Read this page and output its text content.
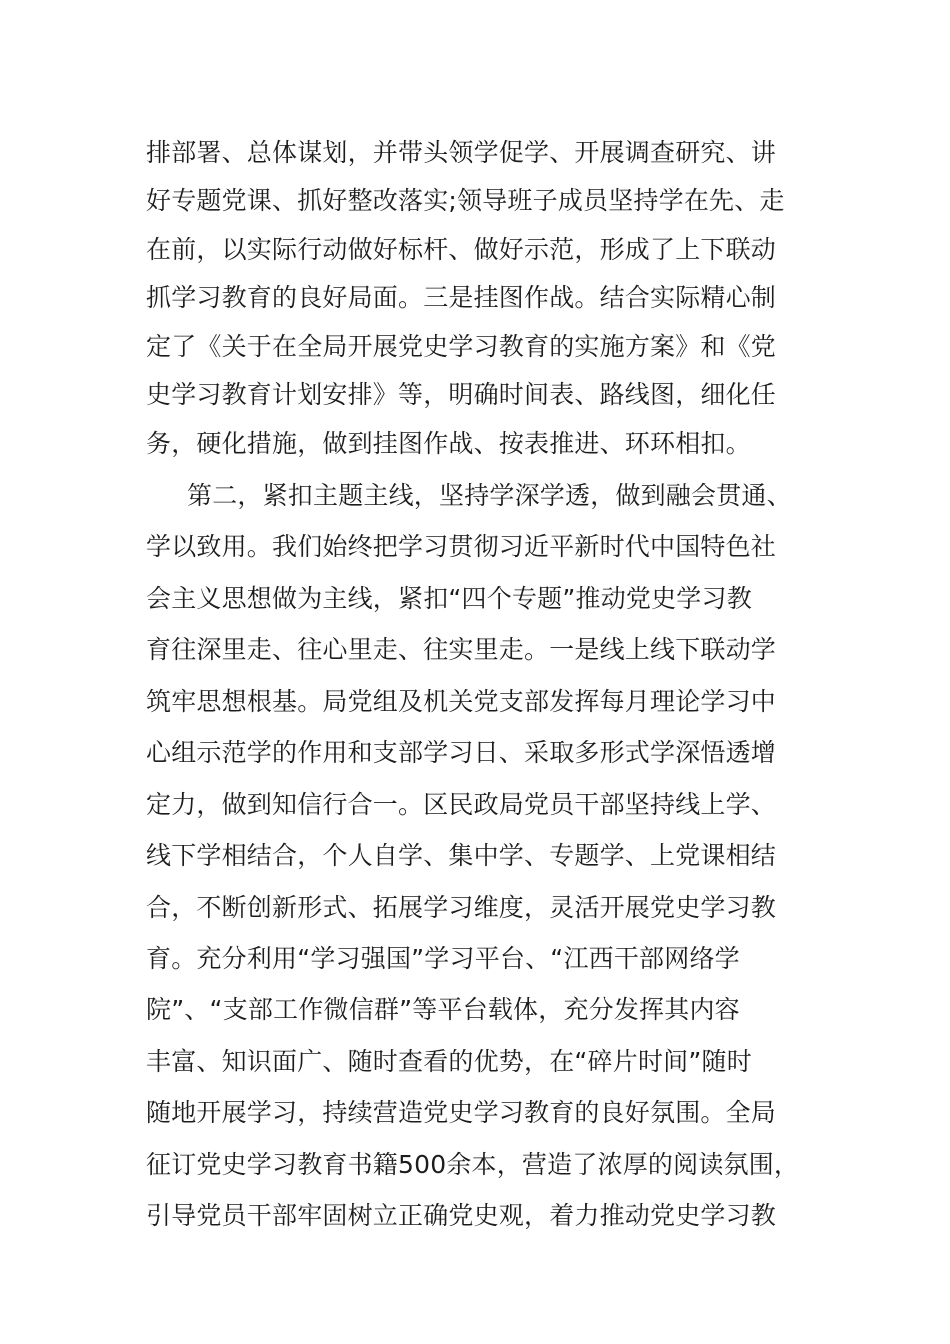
排部署、总体谋划，并带头领学促学、开展调查研究、讲
好专题党课、抓好整改落实;领导班子成员坚持学在先、走
在前，以实际行动做好标杆、做好示范，形成了上下联动
抓学习教育的良好局面。三是挂图作战。结合实际精心制
定了《关于在全局开展党史学习教育的实施方案》和《党
史学习教育计划安排》等，明确时间表、路线图，细化任
务，硬化措施，做到挂图作战、按表推进、环环相扣。
第二，紧扣主题主线，坚持学深学透，做到融会贯通、
学以致用。我们始终把学习贯彻习近平新时代中国特色社
会主义思想做为主线，紧扣“四个专题”推动党史学习教
育往深里走、往心里走、往实里走。一是线上线下联动学
筑牢思想根基。局党组及机关党支部发挥每月理论学习中
心组示范学的作用和支部学习日、采取多形式学深悟透增
定力，做到知信行合一。区民政局党员干部坚持线上学、
线下学相结合，个人自学、集中学、专题学、上党课相结
合，不断创新形式、拓展学习维度，灵活开展党史学习教
育。充分利用“学习强国”学习平台、“江西干部网络学
院”、“支部工作微信群”等平台载体，充分发挥其内容
丰富、知识面广、随时查看的优势，在“碎片时间”随时
随地开展学习，持续营造党史学习教育的良好氛围。全局
征订党史学习教育书籍500余本，营造了浓厚的阅读氛围，
引导党员干部牢固树立正确党史观，着力推动党史学习教
